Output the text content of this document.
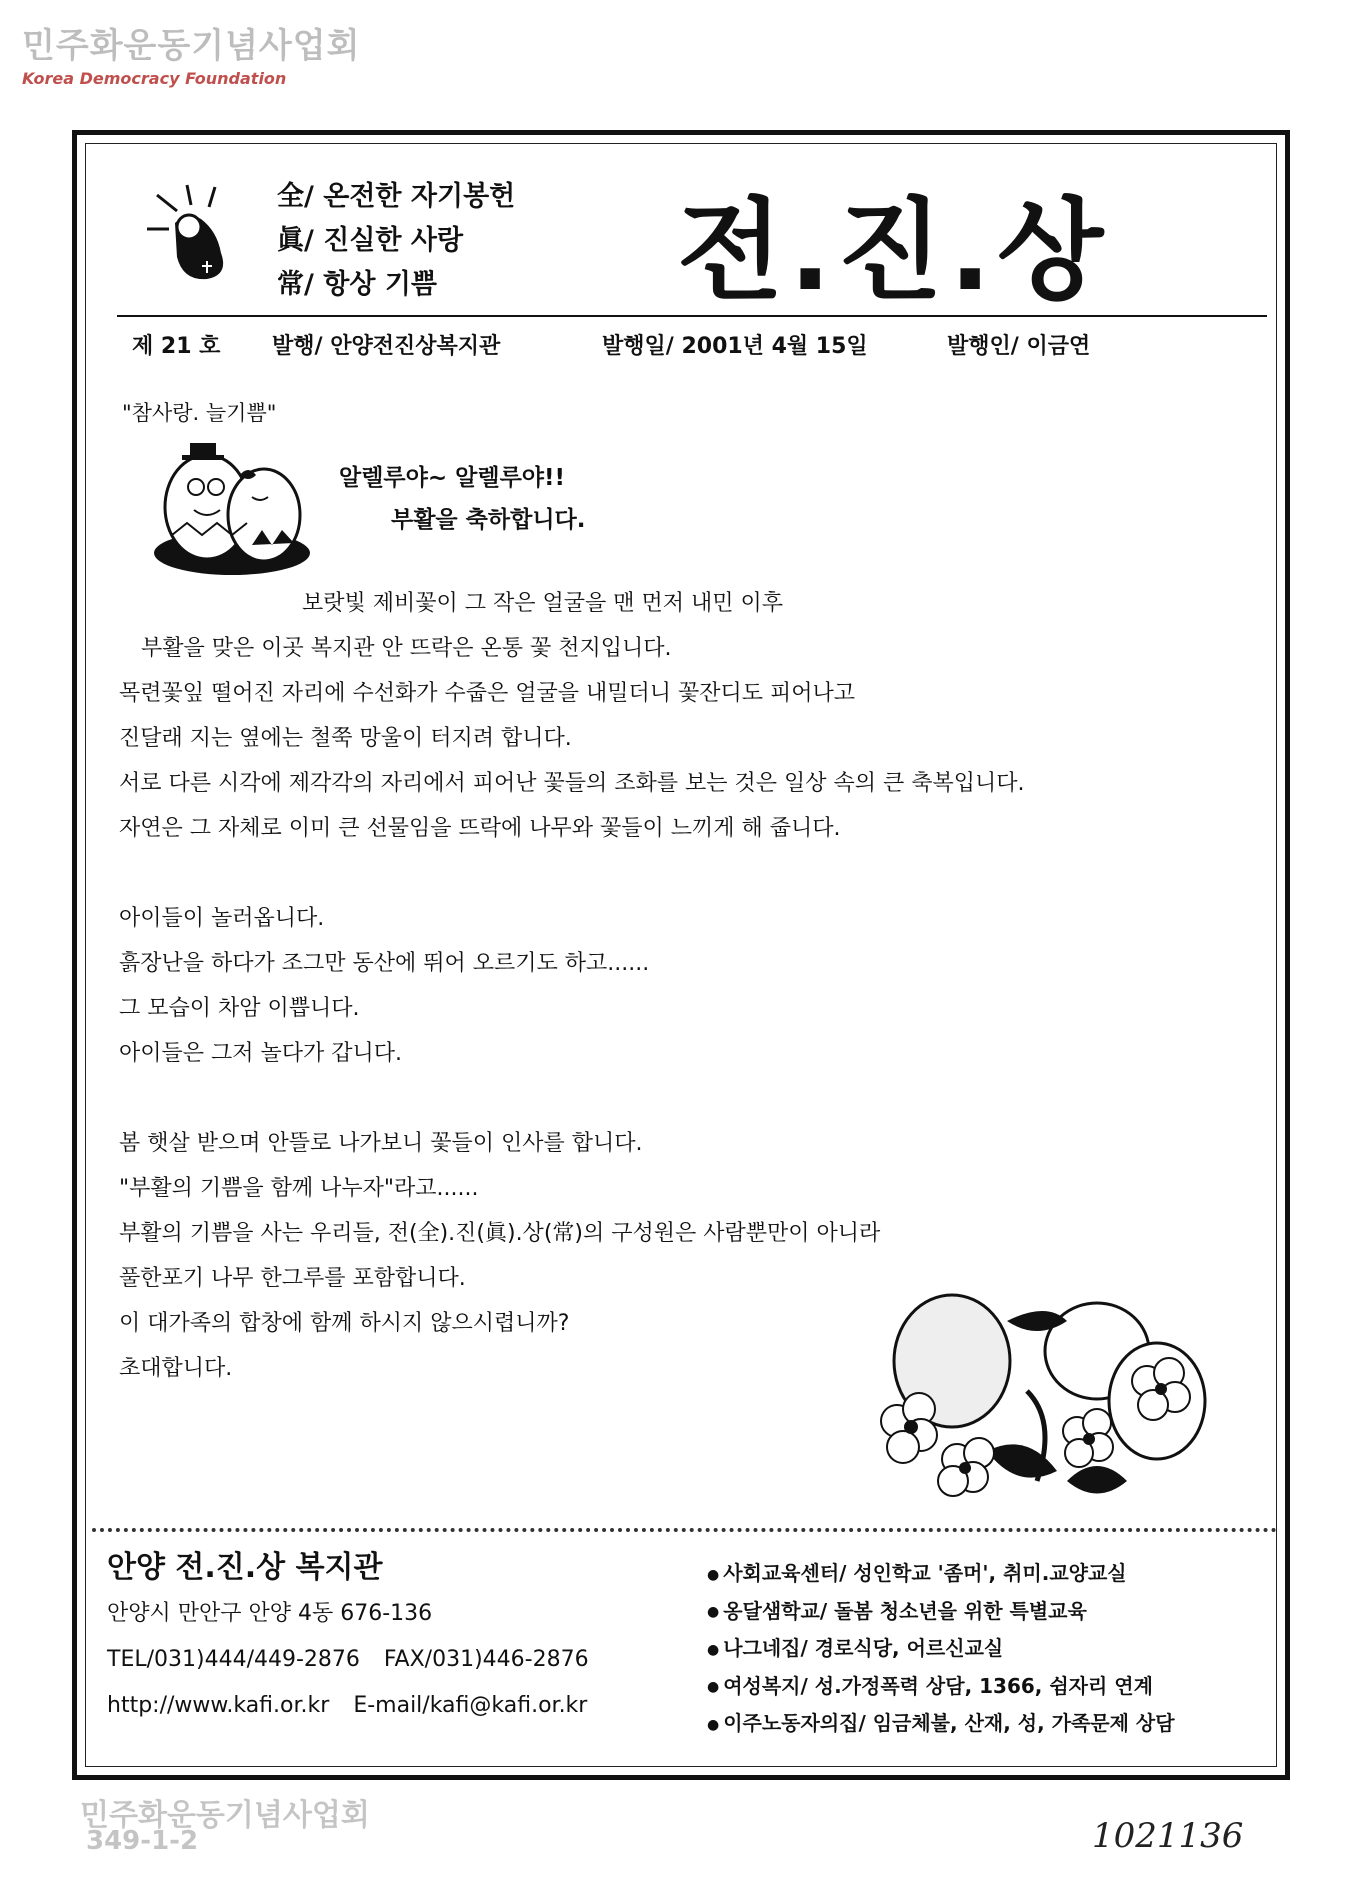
민주화운동기념사업회
Korea Democracy Foundation
全/ 온전한 자기봉헌
眞/ 진실한 사랑
常/ 항상 기쁨	전.진.상
제 21 호	발행/ 안양전진상복지관	발행일/ 2001년 4월 15일	발행인/ 이금연
"참사랑. 늘기쁨"
알렐루야~ 알렐루야!!
부활을 축하합니다.

보랏빛 제비꽃이 그 작은 얼굴을 맨 먼저 내민 이후

부활을 맞은 이곳 복지관 안 뜨락은 온통 꽃 천지입니다.

목련꽃잎 떨어진 자리에 수선화가 수줍은 얼굴을 내밀더니 꽃잔디도 피어나고

진달래 지는 옆에는 철쭉 망울이 터지려 합니다.

서로 다른 시각에 제각각의 자리에서 피어난 꽃들의 조화를 보는 것은 일상 속의 큰 축복입니다.

자연은 그 자체로 이미 큰 선물임을 뜨락에 나무와 꽃들이 느끼게 해 줍니다.

아이들이 놀러옵니다.

흙장난을 하다가 조그만 동산에 뛰어 오르기도 하고......

그 모습이 차암 이쁩니다.

아이들은 그저 놀다가 갑니다.

봄 햇살 받으며 안뜰로 나가보니 꽃들이 인사를 합니다.

"부활의 기쁨을 함께 나누자"라고......

부활의 기쁨을 사는 우리들, 전(全).진(眞).상(常)의 구성원은 사람뿐만이 아니라

풀한포기 나무 한그루를 포함합니다.

이 대가족의 합창에 함께 하시지 않으시렵니까?

초대합니다.

안양 전.진.상 복지관
안양시 만안구 안양 4동 676-136
TEL/031)444/449-2876 FAX/031)446-2876
http://www.kafi.or.kr E-mail/kafi@kafi.or.kr
● 사회교육센터/ 성인학교 '좀머', 취미.교양교실
● 옹달샘학교/ 돌봄 청소년을 위한 특별교육
● 나그네집/ 경로식당, 어르신교실
● 여성복지/ 성.가정폭력 상담, 1366, 쉼자리 연계
● 이주노동자의집/ 임금체불, 산재, 성, 가족문제 상담
민주화운동기념사업회
349-1-2	1021136
